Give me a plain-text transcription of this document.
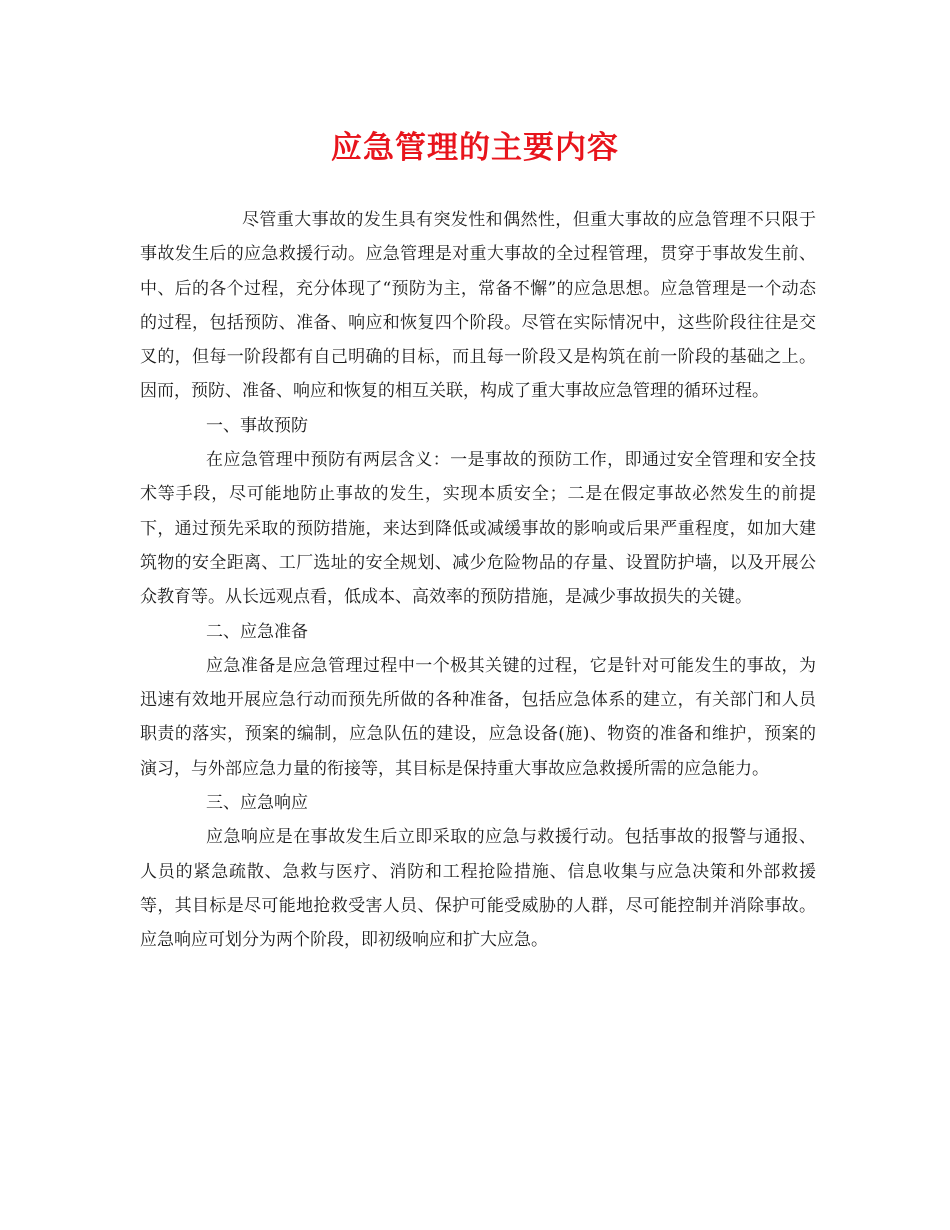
应急管理的主要内容

尽管重大事故的发生具有突发性和偶然性，但重大事故的应急管理不只限于事故发生后的应急救援行动。应急管理是对重大事故的全过程管理，贯穿于事故发生前、中、后的各个过程，充分体现了“预防为主，常备不懈”的应急思想。应急管理是一个动态的过程，包括预防、准备、响应和恢复四个阶段。尽管在实际情况中，这些阶段往往是交叉的，但每一阶段都有自己明确的目标，而且每一阶段又是构筑在前一阶段的基础之上。因而，预防、准备、响应和恢复的相互关联，构成了重大事故应急管理的循环过程。

一、事故预防

在应急管理中预防有两层含义：一是事故的预防工作，即通过安全管理和安全技术等手段，尽可能地防止事故的发生，实现本质安全；二是在假定事故必然发生的前提下，通过预先采取的预防措施，来达到降低或减缓事故的影响或后果严重程度，如加大建筑物的安全距离、工厂选址的安全规划、减少危险物品的存量、设置防护墙，以及开展公众教育等。从长远观点看，低成本、高效率的预防措施，是减少事故损失的关键。

二、应急准备

应急准备是应急管理过程中一个极其关键的过程，它是针对可能发生的事故，为迅速有效地开展应急行动而预先所做的各种准备，包括应急体系的建立，有关部门和人员职责的落实，预案的编制，应急队伍的建设，应急设备(施)、物资的准备和维护，预案的演习，与外部应急力量的衔接等，其目标是保持重大事故应急救援所需的应急能力。

三、应急响应

应急响应是在事故发生后立即采取的应急与救援行动。包括事故的报警与通报、人员的紧急疏散、急救与医疗、消防和工程抢险措施、信息收集与应急决策和外部救援等，其目标是尽可能地抢救受害人员、保护可能受威胁的人群，尽可能控制并消除事故。应急响应可划分为两个阶段，即初级响应和扩大应急。
